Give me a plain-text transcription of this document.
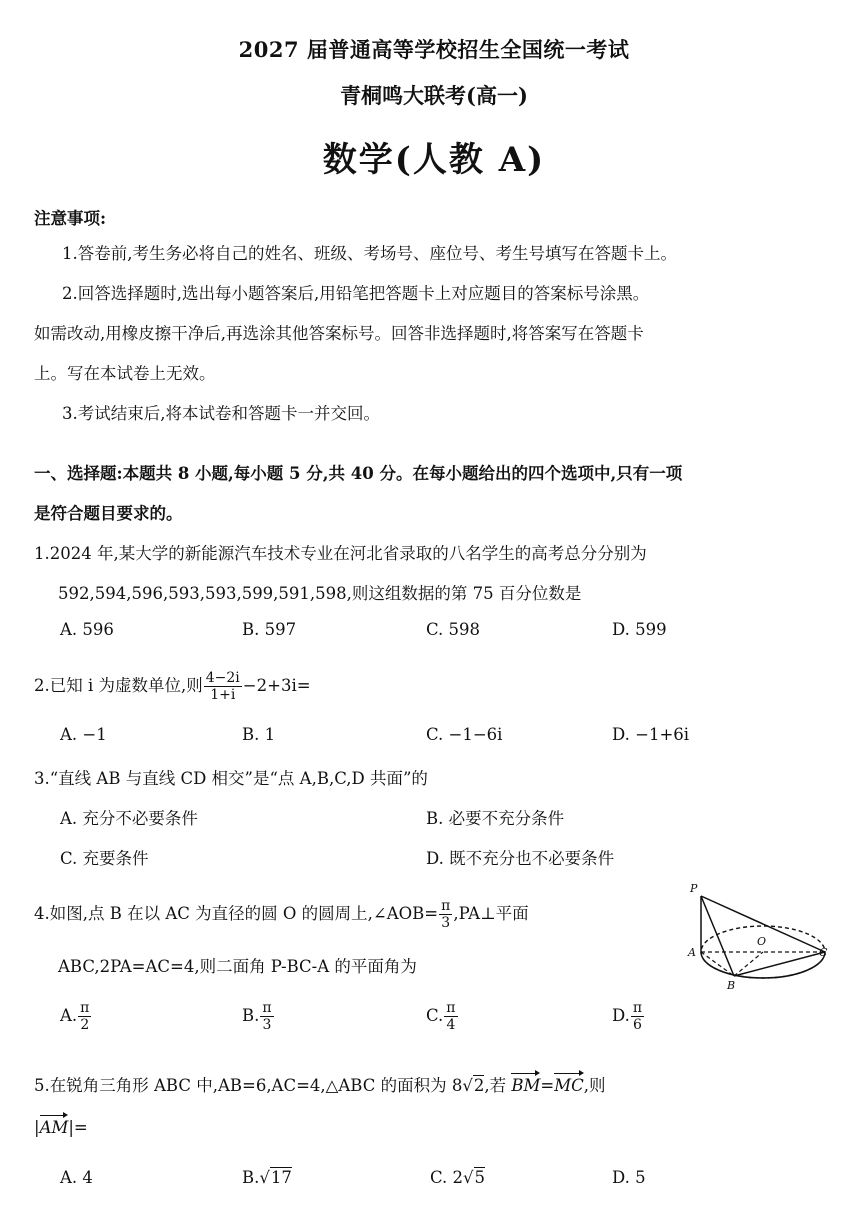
2027 届普通高等学校招生全国统一考试
青桐鸣大联考(高一)
数学(人教 A)
注意事项:
1.答卷前,考生务必将自己的姓名、班级、考场号、座位号、考生号填写在答题卡上。
2.回答选择题时,选出每小题答案后,用铅笔把答题卡上对应题目的答案标号涂黑。
如需改动,用橡皮擦干净后,再选涂其他答案标号。回答非选择题时,将答案写在答题卡
上。写在本试卷上无效。
3.考试结束后,将本试卷和答题卡一并交回。
一、选择题:本题共 8 小题,每小题 5 分,共 40 分。在每小题给出的四个选项中,只有一项
是符合题目要求的。
1.2024 年,某大学的新能源汽车技术专业在河北省录取的八名学生的高考总分分别为
592,594,596,593,593,599,591,598,则这组数据的第 75 百分位数是
A. 596	B. 597	C. 598	D. 599
2.已知 i 为虚数单位,则 $\frac{4-2i}{1+i} -2+3i=$
A. −1	B. 1	C. −1−6i	D. −1+6i
3.“直线 AB 与直线 CD 相交”是“点 A,B,C,D 共面”的
A. 充分不必要条件	B. 必要不充分条件
C. 充要条件	D. 既不充分也不必要条件
4.如图,点 B 在以 AC 为直径的圆 O 的圆周上,∠AOB= $\frac{\pi}{3}$ ,PA⊥平面
ABC,2PA=AC=4,则二面角 P-BC-A 的平面角为
A. $\frac{\pi}{2}$	B. $\frac{\pi}{3}$	C. $\frac{\pi}{4}$	D. $\frac{\pi}{6}$
P
A
O
C
B
5.在锐角三角形 ABC 中,AB=6,AC=4,△ABC 的面积为 8√2,若 BM=MC,则
|AM|=
A. 4	B.√17	C. 2√5	D. 5
